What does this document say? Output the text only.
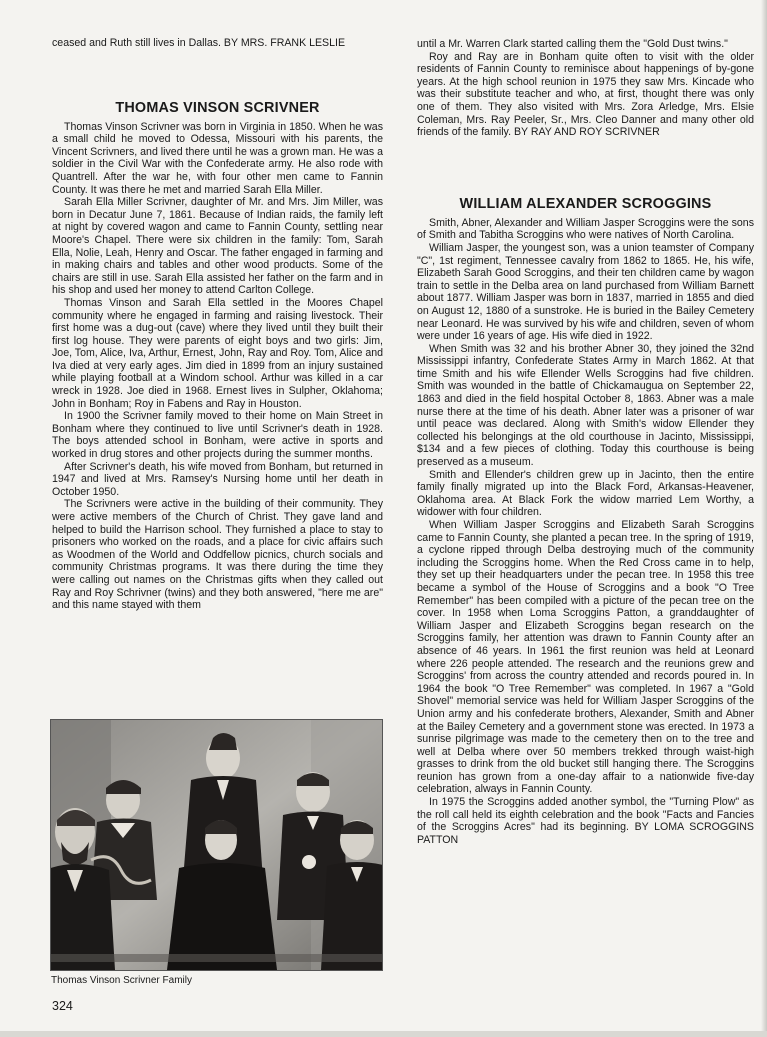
ceased and Ruth still lives in Dallas. BY MRS. FRANK LESLIE

THOMAS VINSON SCRIVNER

Thomas Vinson Scrivner was born in Virginia in 1850. When he was a small child he moved to Odessa, Missouri with his parents, the Vincent Scrivners, and lived there until he was a grown man. He was a soldier in the Civil War with the Confederate army. He also rode with Quantrell. After the war he, with four other men came to Fannin County. It was there he met and married Sarah Ella Miller.

Sarah Ella Miller Scrivner, daughter of Mr. and Mrs. Jim Miller, was born in Decatur June 7, 1861. Because of Indian raids, the family left at night by covered wagon and came to Fannin County, settling near Moore's Chapel. There were six children in the family: Tom, Sarah Ella, Nolie, Leah, Henry and Oscar. The father engaged in farming and in making chairs and tables and other wood products. Some of the chairs are still in use. Sarah Ella assisted her father on the farm and in his shop and used her money to attend Carlton College.

Thomas Vinson and Sarah Ella settled in the Moores Chapel community where he engaged in farming and raising livestock. Their first home was a dug-out (cave) where they lived until they built their first log house. They were parents of eight boys and two girls: Jim, Joe, Tom, Alice, Iva, Arthur, Ernest, John, Ray and Roy. Tom, Alice and Iva died at very early ages. Jim died in 1899 from an injury sustained while playing football at a Windom school. Arthur was killed in a car wreck in 1928. Joe died in 1968. Ernest lives in Sulpher, Oklahoma; John in Bonham; Roy in Fabens and Ray in Houston.

In 1900 the Scrivner family moved to their home on Main Street in Bonham where they continued to live until Scrivner's death in 1928. The boys attended school in Bonham, were active in sports and worked in drug stores and other projects during the summer months.

After Scrivner's death, his wife moved from Bonham, but returned in 1947 and lived at Mrs. Ramsey's Nursing home until her death in October 1950.

The Scrivners were active in the building of their community. They were active members of the Church of Christ. They gave land and helped to build the Harrison school. They furnished a place to stay to prisoners who worked on the roads, and a place for civic affairs such as Woodmen of the World and Oddfellow picnics, church socials and community Christmas programs. It was there during the time they were calling out names on the Christmas gifts when they called out Ray and Roy Schrivner (twins) and they both answered, "here me are" and this name stayed with them

Thomas Vinson Scrivner Family

until a Mr. Warren Clark started calling them the "Gold Dust twins."

Roy and Ray are in Bonham quite often to visit with the older residents of Fannin County to reminisce about happenings of by-gone years. At the high school reunion in 1975 they saw Mrs. Kincade who was their substitute teacher and who, at first, thought there was only one of them. They also visited with Mrs. Zora Arledge, Mrs. Elsie Coleman, Mrs. Ray Peeler, Sr., Mrs. Cleo Danner and many other old friends of the family. BY RAY AND ROY SCRIVNER

WILLIAM ALEXANDER SCROGGINS

Smith, Abner, Alexander and William Jasper Scroggins were the sons of Smith and Tabitha Scroggins who were natives of North Carolina.

William Jasper, the youngest son, was a union teamster of Company "C", 1st regiment, Tennessee cavalry from 1862 to 1865. He, his wife, Elizabeth Sarah Good Scroggins, and their ten children came by wagon train to settle in the Delba area on land purchased from William Barnett about 1877. William Jasper was born in 1837, married in 1855 and died on August 12, 1880 of a sunstroke. He is buried in the Bailey Cemetery near Leonard. He was survived by his wife and children, seven of whom were under 16 years of age. His wife died in 1922.

When Smith was 32 and his brother Abner 30, they joined the 32nd Mississippi infantry, Confederate States Army in March 1862. At that time Smith and his wife Ellender Wells Scroggins had five children. Smith was wounded in the battle of Chickamaugua on September 22, 1863 and died in the field hospital October 8, 1863. Abner was a male nurse there at the time of his death. Abner later was a prisoner of war until peace was declared. Along with Smith's widow Ellender they collected his belongings at the old courthouse in Jacinto, Mississippi, $134 and a few pieces of clothing. Today this courthouse is being preserved as a museum.

Smith and Ellender's children grew up in Jacinto, then the entire family finally migrated up into the Black Ford, Arkansas-Heavener, Oklahoma area. At Black Fork the widow married Lem Worthy, a widower with four children.

When William Jasper Scroggins and Elizabeth Sarah Scroggins came to Fannin County, she planted a pecan tree. In the spring of 1919, a cyclone ripped through Delba destroying much of the community including the Scroggins home. When the Red Cross came in to help, they set up their headquarters under the pecan tree. In 1958 this tree became a symbol of the House of Scroggins and a book "O Tree Remember" has been compiled with a picture of the pecan tree on the cover. In 1958 when Loma Scroggins Patton, a granddaughter of William Jasper and Elizabeth Scroggins began research on the Scroggins family, her attention was drawn to Fannin County after an absence of 46 years. In 1961 the first reunion was held at Leonard where 226 people attended. The research and the reunions grew and Scroggins' from across the country attended and records poured in. In 1964 the book "O Tree Remember" was completed. In 1967 a "Gold Shovel" memorial service was held for William Jasper Scroggins of the Union army and his confederate brothers, Alexander, Smith and Abner at the Bailey Cemetery and a government stone was erected. In 1973 a sunrise pilgrimage was made to the cemetery then on to the tree and well at Delba where over 50 members trekked through waist-high grasses to drink from the old bucket still hanging there. The Scroggins reunion has grown from a one-day affair to a nationwide five-day celebration, always in Fannin County.

In 1975 the Scroggins added another symbol, the "Turning Plow" as the roll call held its eighth celebration and the book "Facts and Fancies of the Scroggins Acres" had its beginning. BY LOMA SCROGGINS PATTON

324
